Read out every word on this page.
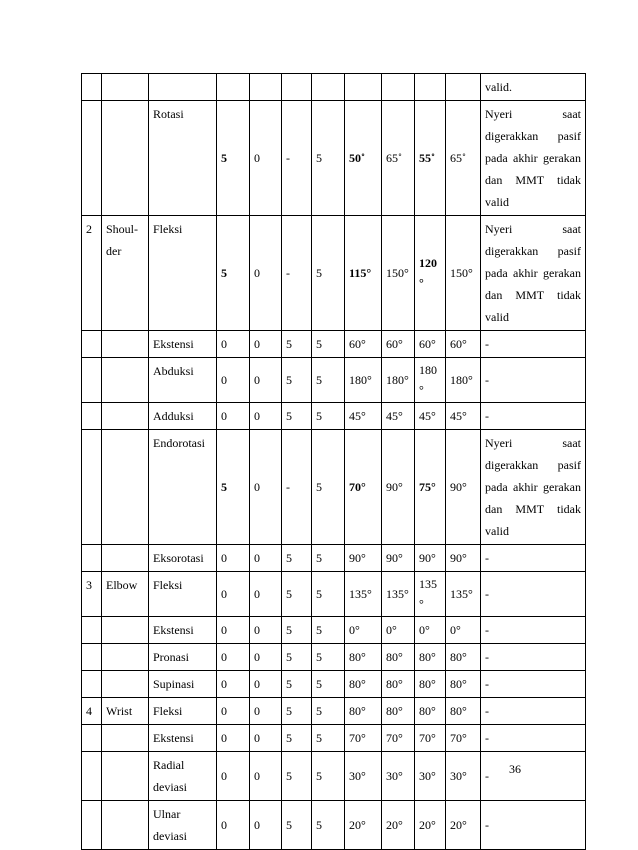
											valid.
		Rotasi	5	0	-	5	50˚	65˚	55˚	65˚	Nyeri saat
digerakkan pasif
pada akhir gerakan
dan MMT tidak
valid

2	Shoul-der	Fleksi	5	0	-	5	115°	150°	120°	150°	Nyeri saat
digerakkan pasif
pada akhir gerakan
dan MMT tidak
valid

		Ekstensi	0	0	5	5	60°	60°	60°	60°	-

		Abduksi	0	0	5	5	180°	180°	180°	180°	-

		Adduksi	0	0	5	5	45°	45°	45°	45°	-

		Endorotasi	5	0	-	5	70°	90°	75°	90°	Nyeri saat
digerakkan pasif
pada akhir gerakan
dan MMT tidak
valid

		Eksorotasi	0	0	5	5	90°	90°	90°	90°	-

3	Elbow	Fleksi	0	0	5	5	135°	135°	135°	135°	-

		Ekstensi	0	0	5	5	0°	0°	0°	0°	-

		Pronasi	0	0	5	5	80°	80°	80°	80°	-

		Supinasi	0	0	5	5	80°	80°	80°	80°	-

4	Wrist	Fleksi	0	0	5	5	80°	80°	80°	80°	-

		Ekstensi	0	0	5	5	70°	70°	70°	70°	-

		Radial deviasi	0	0	5	5	30°	30°	30°	30°	-

		Ulnar deviasi	0	0	5	5	20°	20°	20°	20°	-
36
